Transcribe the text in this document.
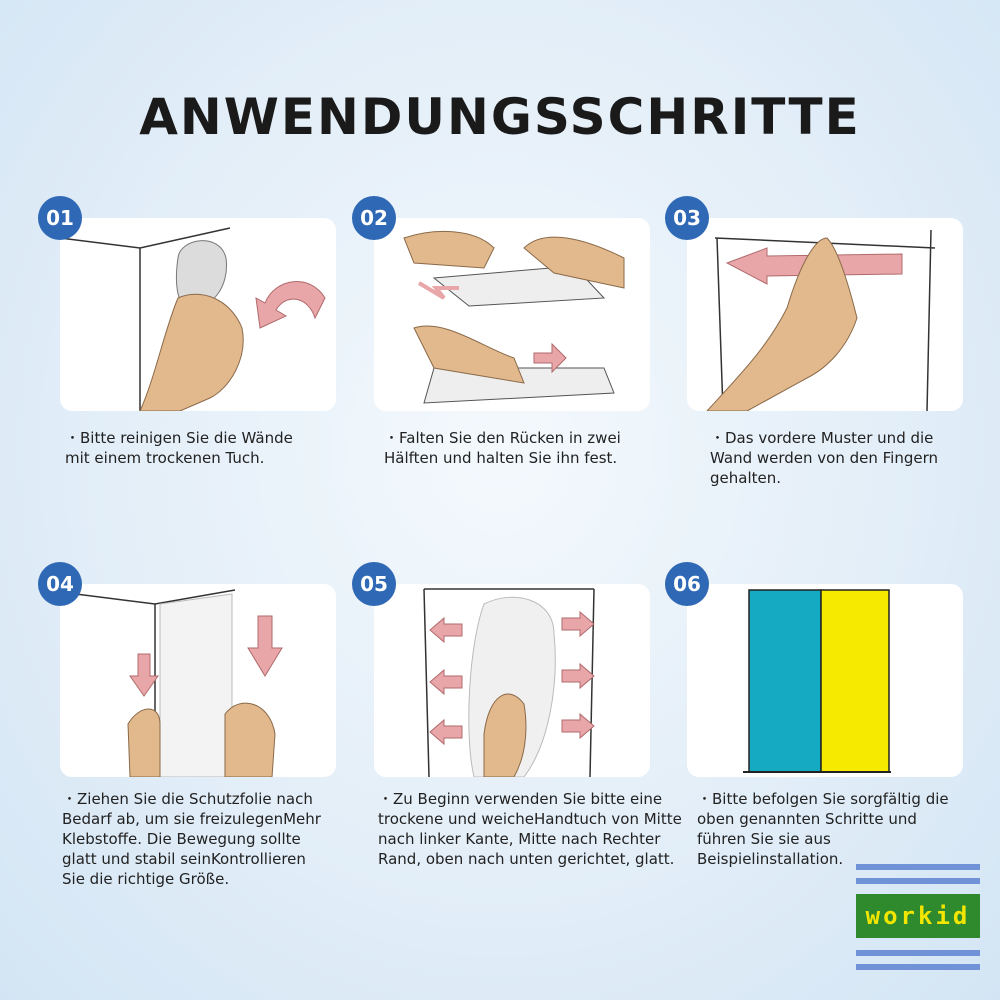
ANWENDUNGSSCHRITTE
01
・Bitte reinigen Sie die Wände mit einem trockenen Tuch.
02
・Falten Sie den Rücken in zwei Hälften und halten Sie ihn fest.
03
・Das vordere Muster und die Wand werden von den Fingern gehalten.
04
・Ziehen Sie die Schutzfolie nach Bedarf ab, um sie freizulegenMehr Klebstoffe. Die Bewegung sollte glatt und stabil seinKontrollieren Sie die richtige Größe.
05
・Zu Beginn verwenden Sie bitte eine trockene und weicheHandtuch von Mitte nach linker Kante, Mitte nach Rechter Rand, oben nach unten gerichtet, glatt.
06
・Bitte befolgen Sie sorgfältig die oben genannten Schritte und führen Sie sie aus Beispielinstallation.
workid
